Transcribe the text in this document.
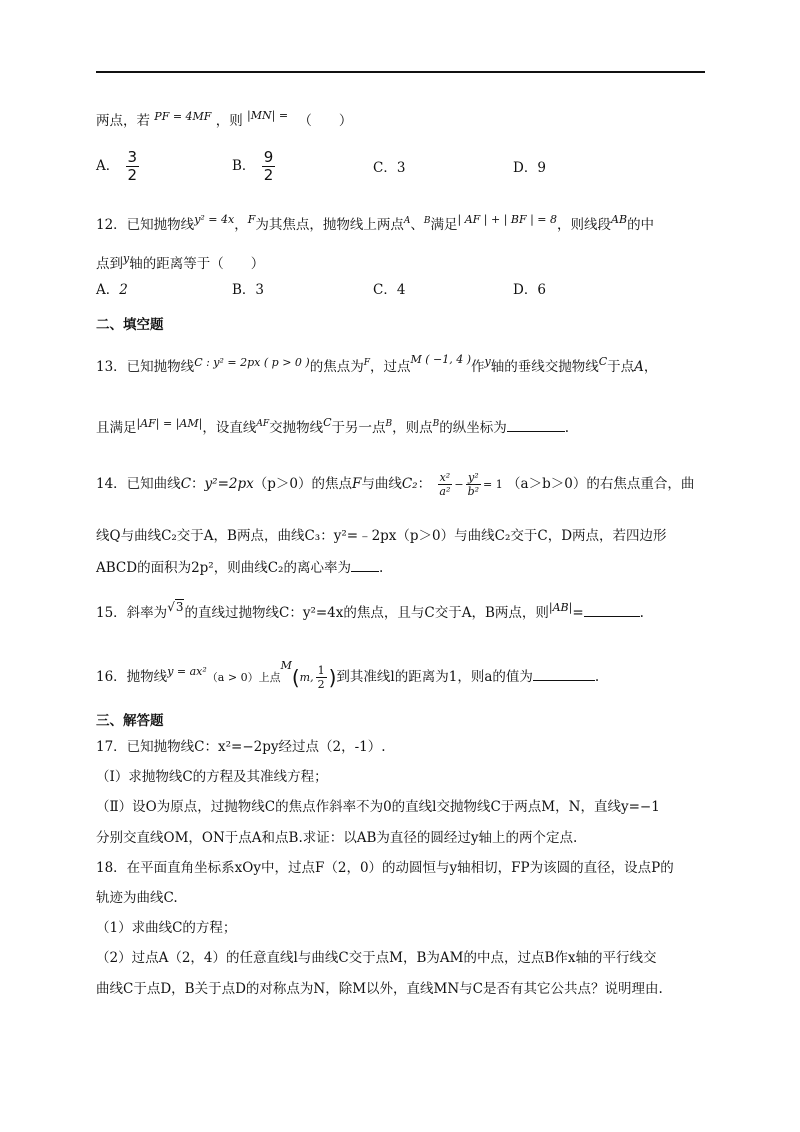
两点，若 $^{PF = 4MF}$ ，则 $^{|MN| =}$ （　　）
A． $\frac{3}{2}$	B． $\frac{9}{2}$	C．3	D．9
12．已知抛物线$^{y^2 = 4x}$，$^F$为其焦点，抛物线上两点$^A$、$^B$满足$^{| AF | + | BF | = 8}$，则线段$^{AB}$的中
点到$^y$轴的距离等于（　　）
A．2	B．3	C．4	D．6
二、填空题
13．已知抛物线$^{C : y^2 = 2px ( p > 0 )}$的焦点为$^F$，过点$^{M ( -1, 4 )}$作$^y$轴的垂线交抛物线$^C$于点A，
且满足$^{|AF| = |AM|}$，设直线$^{AF}$交抛物线$^C$于另一点$^B$，则点$^B$的纵坐标为	.
14．已知曲线C：y²=2px（p＞0）的焦点F与曲线C₂： $\frac{\text{x²}}{\text{a²}} - \frac{\text{y²}}{\text{b²}} = 1$ （a＞b＞0）的右焦点重合，曲
线Q与曲线C₂交于A，B两点，曲线C₃：y²=﹣2px（p＞0）与曲线C₂交于C，D两点，若四边形
ABCD的面积为2p²，则曲线C₂的离心率为 .
15．斜率为√3的直线过抛物线C：y²=4x的焦点，且与C交于A，B两点，则$^{|AB|}$=	.
16．抛物线$^{y = ax^2}$（a > 0）上点$^M$(m, $\frac{1}{2}$ )到其准线l的距离为1，则a的值为	.
三、解答题
17．已知抛物线C：x²=−2py经过点（2，-1）.
（Ⅰ）求抛物线C的方程及其准线方程；
（Ⅱ）设O为原点，过抛物线C的焦点作斜率不为0的直线l交抛物线C于两点M，N，直线y=−1
分别交直线OM，ON于点A和点B.求证：以AB为直径的圆经过y轴上的两个定点.
18．在平面直角坐标系xOy中，过点F（2，0）的动圆恒与y轴相切，FP为该圆的直径，设点P的
轨迹为曲线C.
（1）求曲线C的方程；
（2）过点A（2，4）的任意直线l与曲线C交于点M，B为AM的中点，过点B作x轴的平行线交
曲线C于点D，B关于点D的对称点为N，除M以外，直线MN与C是否有其它公共点？说明理由.
